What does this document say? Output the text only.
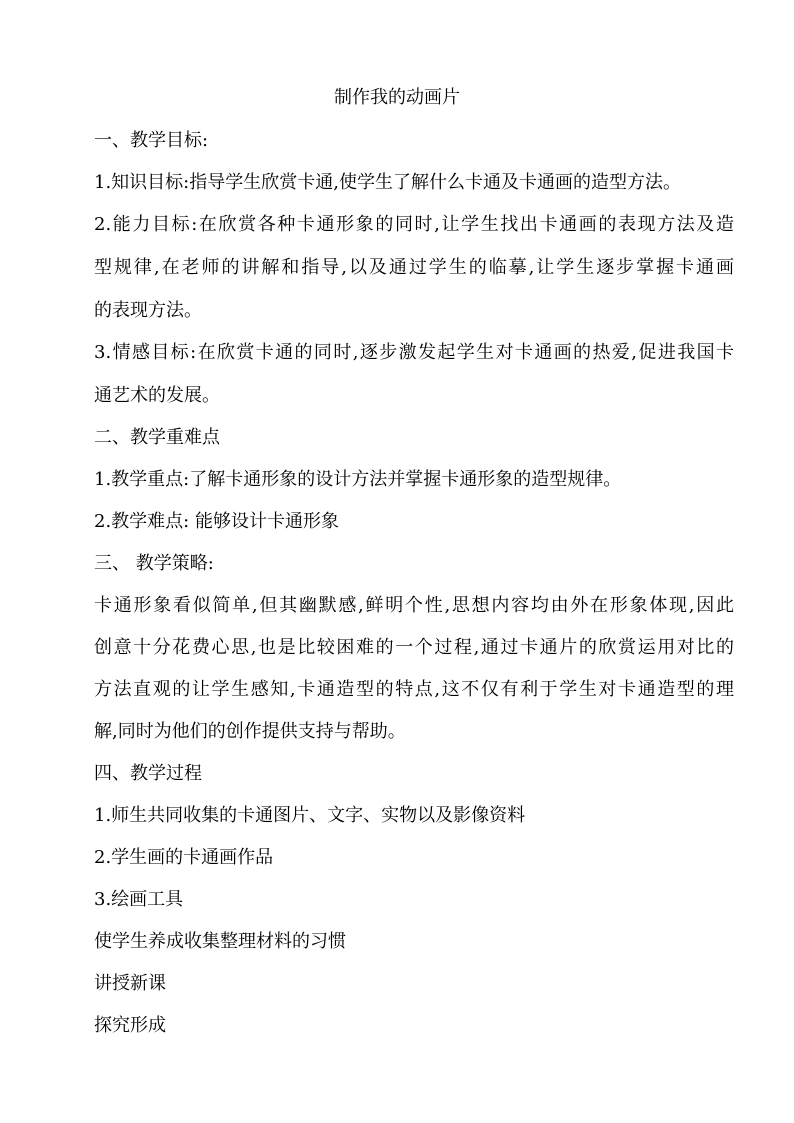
制作我的动画片
一、教学目标:
1.知识目标:指导学生欣赏卡通,使学生了解什么卡通及卡通画的造型方法。
2.能力目标:在欣赏各种卡通形象的同时,让学生找出卡通画的表现方法及造
型规律,在老师的讲解和指导,以及通过学生的临摹,让学生逐步掌握卡通画
的表现方法。
3.情感目标:在欣赏卡通的同时,逐步激发起学生对卡通画的热爱,促进我国卡
通艺术的发展。
二、教学重难点
1.教学重点:了解卡通形象的设计方法并掌握卡通形象的造型规律。
2.教学难点: 能够设计卡通形象
三、 教学策略:
卡通形象看似简单,但其幽默感,鲜明个性,思想内容均由外在形象体现,因此
创意十分花费心思,也是比较困难的一个过程,通过卡通片的欣赏运用对比的
方法直观的让学生感知,卡通造型的特点,这不仅有利于学生对卡通造型的理
解,同时为他们的创作提供支持与帮助。
四、教学过程
1.师生共同收集的卡通图片、文字、实物以及影像资料
2.学生画的卡通画作品
3.绘画工具
使学生养成收集整理材料的习惯
讲授新课
探究形成
